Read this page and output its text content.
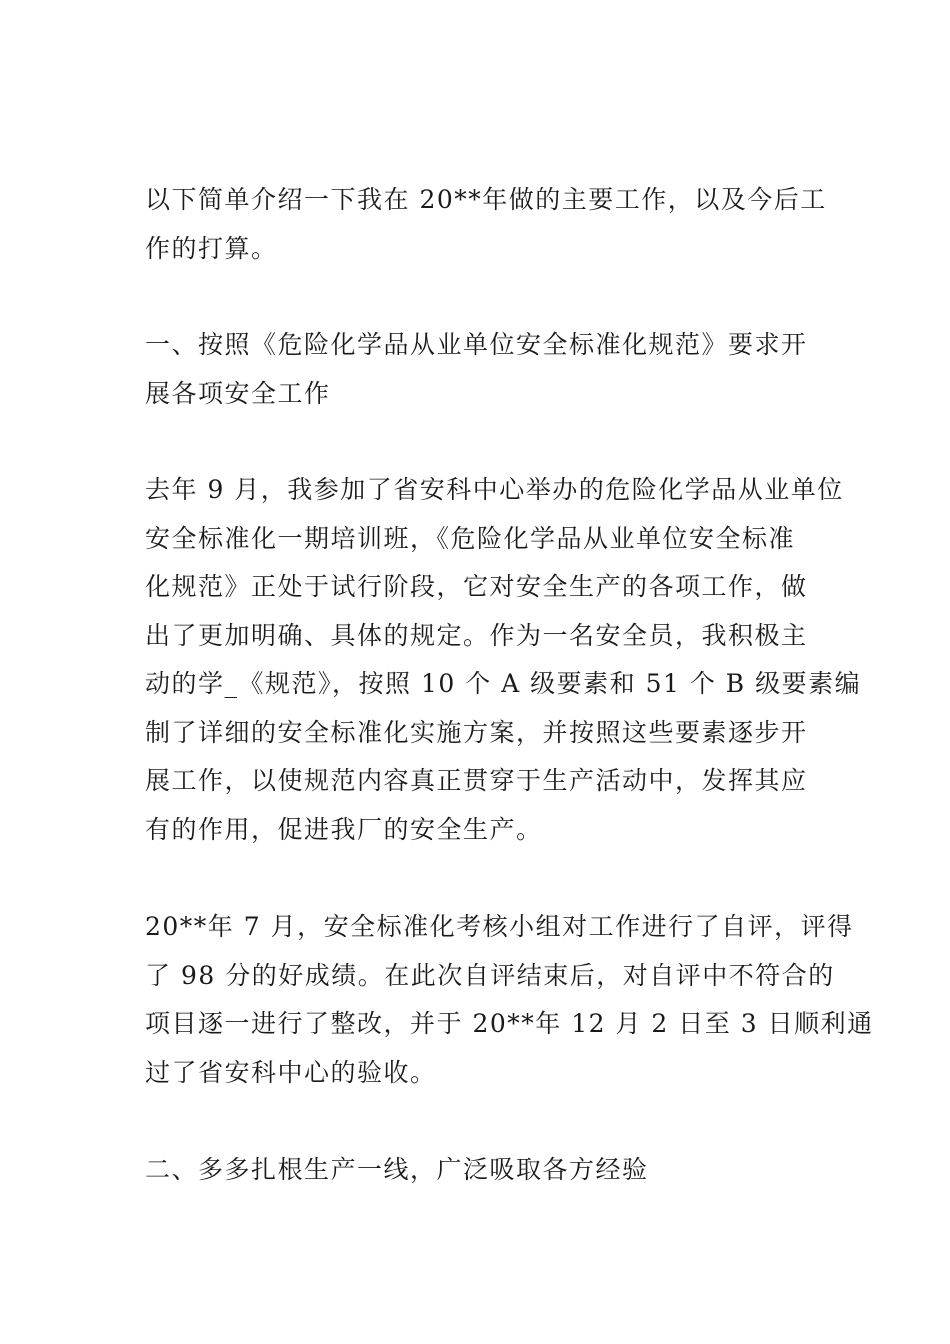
以下简单介绍一下我在 20**年做的主要工作，以及今后工
作的打算。

一、按照《危险化学品从业单位安全标准化规范》要求开
展各项安全工作

去年 9 月，我参加了省安科中心举办的危险化学品从业单位
安全标准化一期培训班，《危险化学品从业单位安全标准
化规范》正处于试行阶段，它对安全生产的各项工作，做
出了更加明确、具体的规定。作为一名安全员，我积极主
动的学_《规范》，按照 10 个 A 级要素和 51 个 B 级要素编
制了详细的安全标准化实施方案，并按照这些要素逐步开
展工作，以使规范内容真正贯穿于生产活动中，发挥其应
有的作用，促进我厂的安全生产。

20**年 7 月，安全标准化考核小组对工作进行了自评，评得
了 98 分的好成绩。在此次自评结束后，对自评中不符合的
项目逐一进行了整改，并于 20**年 12 月 2 日至 3 日顺利通
过了省安科中心的验收。

二、多多扎根生产一线，广泛吸取各方经验
